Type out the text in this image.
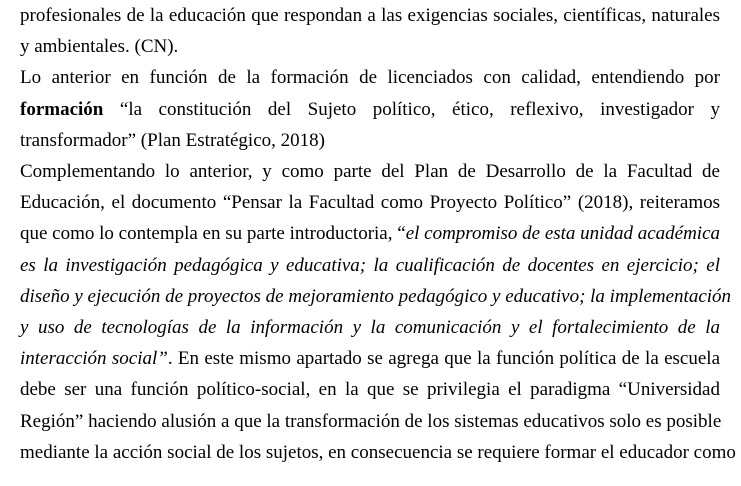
profesionales de la educación que respondan a las exigencias sociales, científicas, naturales
y ambientales. (CN).
Lo anterior en función de la formación de licenciados con calidad, entendiendo por
formación “la constitución del Sujeto político, ético, reflexivo, investigador y
transformador” (Plan Estratégico, 2018)
Complementando lo anterior, y como parte del Plan de Desarrollo de la Facultad de
Educación, el documento “Pensar la Facultad como Proyecto Político” (2018), reiteramos
que como lo contempla en su parte introductoria, “el compromiso de esta unidad académica
es la investigación pedagógica y educativa; la cualificación de docentes en ejercicio; el
diseño y ejecución de proyectos de mejoramiento pedagógico y educativo; la implementación
y uso de tecnologías de la información y la comunicación y el fortalecimiento de la
interacción social”. En este mismo apartado se agrega que la función política de la escuela
debe ser una función político-social, en la que se privilegia el paradigma “Universidad
Región” haciendo alusión a que la transformación de los sistemas educativos solo es posible
mediante la acción social de los sujetos, en consecuencia se requiere formar el educador como
